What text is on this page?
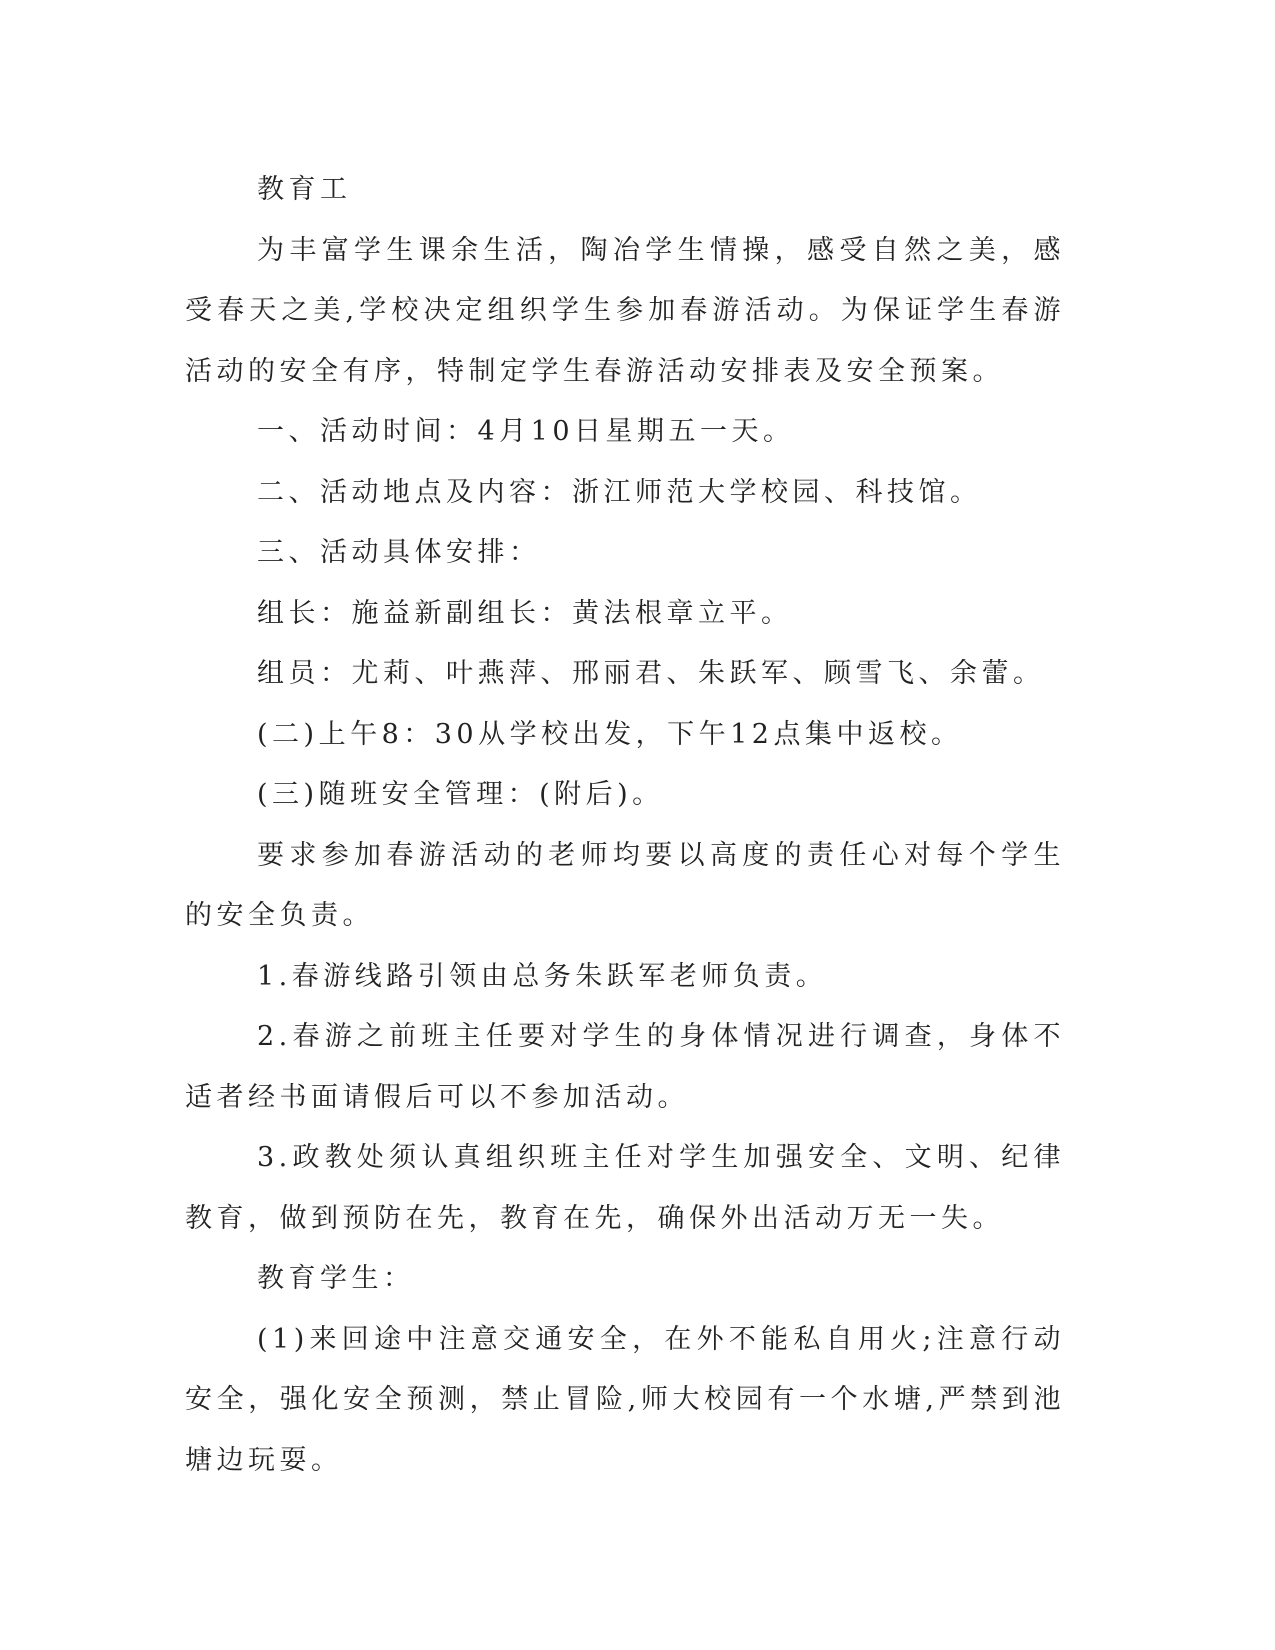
教育工

为丰富学生课余生活，陶冶学生情操，感受自然之美，感受春天之美,学校决定组织学生参加春游活动。为保证学生春游活动的安全有序，特制定学生春游活动安排表及安全预案。

一、活动时间：4月10日星期五一天。

二、活动地点及内容：浙江师范大学校园、科技馆。

三、活动具体安排：

组长：施益新副组长：黄法根章立平。

组员：尤莉、叶燕萍、邢丽君、朱跃军、顾雪飞、余蕾。

(二)上午8：30从学校出发，下午12点集中返校。

(三)随班安全管理：(附后)。

要求参加春游活动的老师均要以高度的责任心对每个学生的安全负责。

1.春游线路引领由总务朱跃军老师负责。

2.春游之前班主任要对学生的身体情况进行调查，身体不适者经书面请假后可以不参加活动。

3.政教处须认真组织班主任对学生加强安全、文明、纪律教育，做到预防在先，教育在先，确保外出活动万无一失。

教育学生：

(1)来回途中注意交通安全，在外不能私自用火;注意行动安全，强化安全预测，禁止冒险,师大校园有一个水塘,严禁到池塘边玩耍。
